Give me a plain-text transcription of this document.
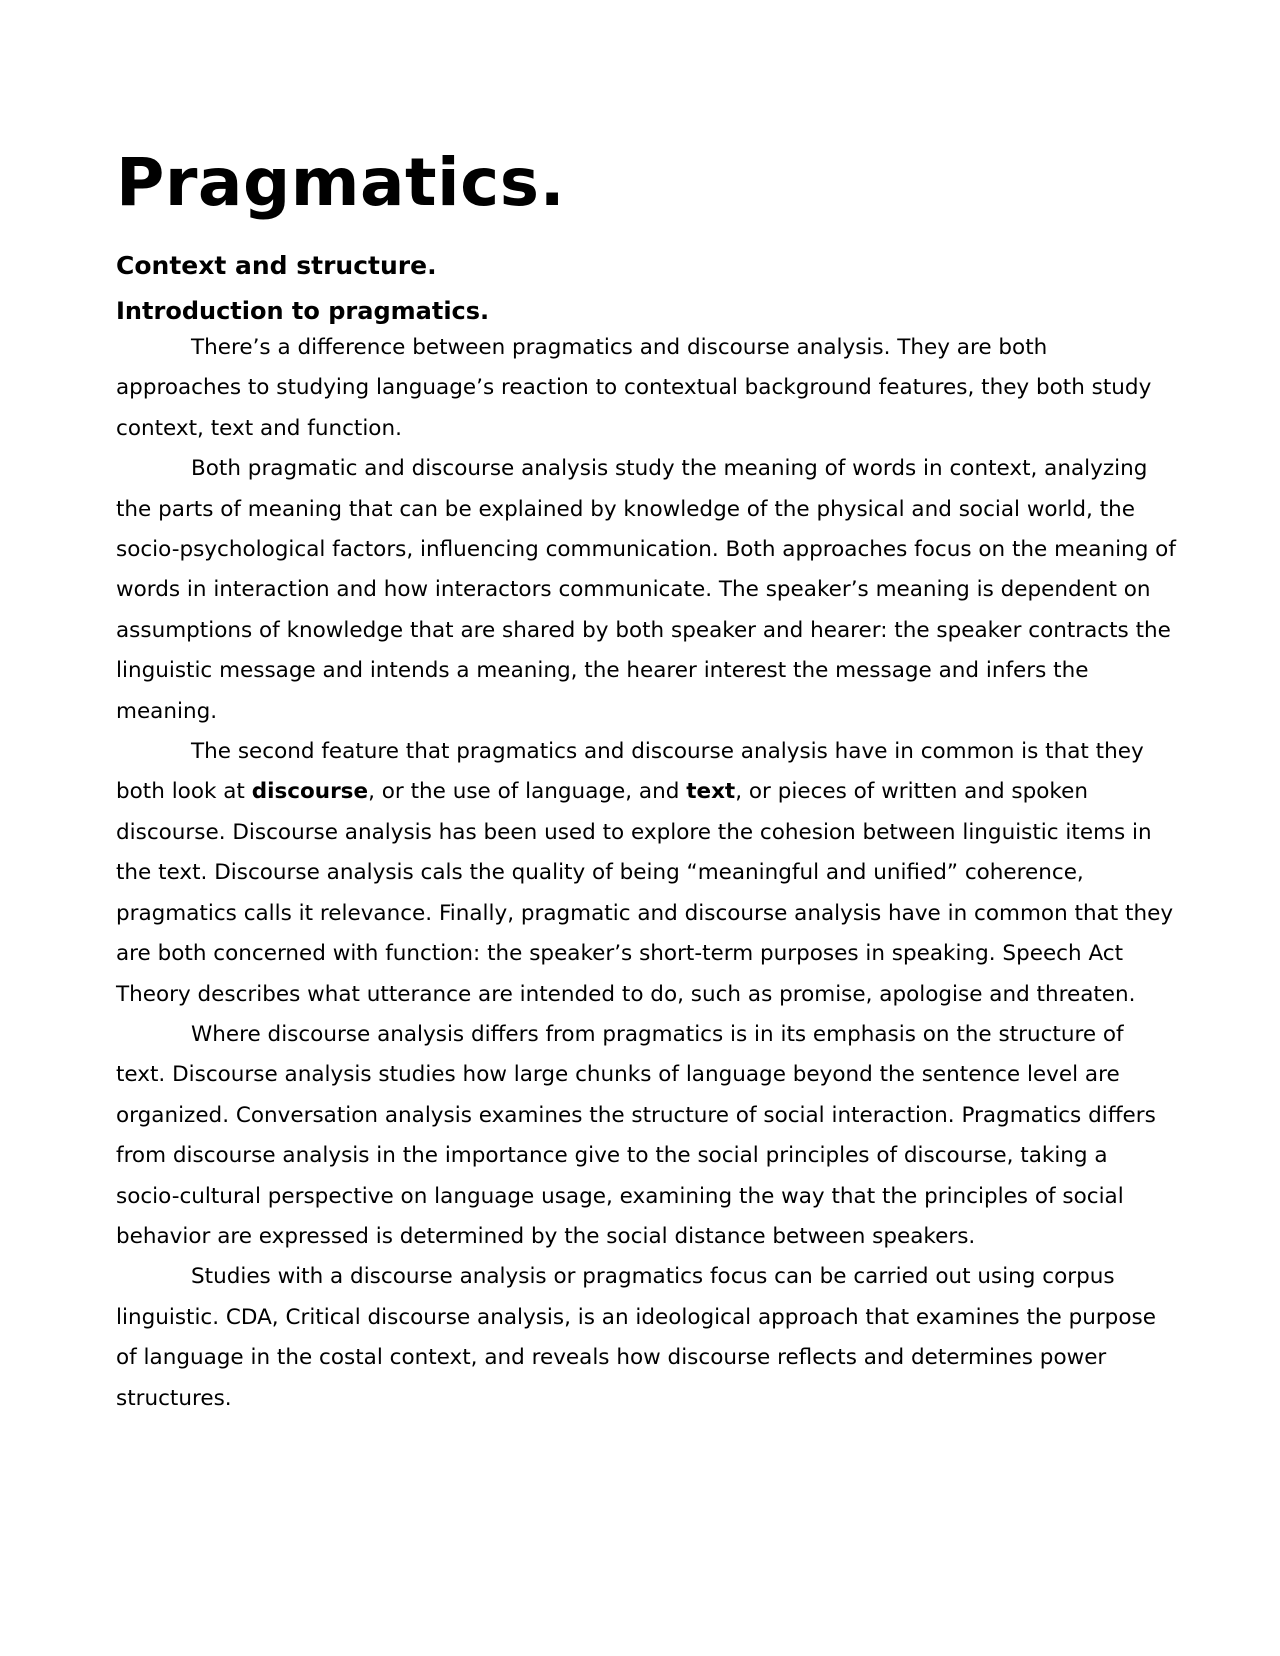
Pragmatics.
Context and structure.
Introduction to pragmatics.

There’s a difference between pragmatics and discourse analysis. They are both approaches to studying language’s reaction to contextual background features, they both study context, text and function.

Both pragmatic and discourse analysis study the meaning of words in context, analyzing the parts of meaning that can be explained by knowledge of the physical and social world, the socio-psychological factors, influencing communication. Both approaches focus on the meaning of words in interaction and how interactors communicate. The speaker’s meaning is dependent on assumptions of knowledge that are shared by both speaker and hearer: the speaker contracts the linguistic message and intends a meaning, the hearer interest the message and infers the meaning.

The second feature that pragmatics and discourse analysis have in common is that they both look at discourse, or the use of language, and text, or pieces of written and spoken discourse. Discourse analysis has been used to explore the cohesion between linguistic items in the text. Discourse analysis cals the quality of being “meaningful and unified” coherence, pragmatics calls it relevance. Finally, pragmatic and discourse analysis have in common that they are both concerned with function: the speaker’s short-term purposes in speaking. Speech Act Theory describes what utterance are intended to do, such as promise, apologise and threaten.

Where discourse analysis differs from pragmatics is in its emphasis on the structure of text. Discourse analysis studies how large chunks of language beyond the sentence level are organized. Conversation analysis examines the structure of social interaction. Pragmatics differs from discourse analysis in the importance give to the social principles of discourse, taking a socio-cultural perspective on language usage, examining the way that the principles of social behavior are expressed is determined by the social distance between speakers.

Studies with a discourse analysis or pragmatics focus can be carried out using corpus linguistic. CDA, Critical discourse analysis, is an ideological approach that examines the purpose of language in the costal context, and reveals how discourse reflects and determines power structures.
